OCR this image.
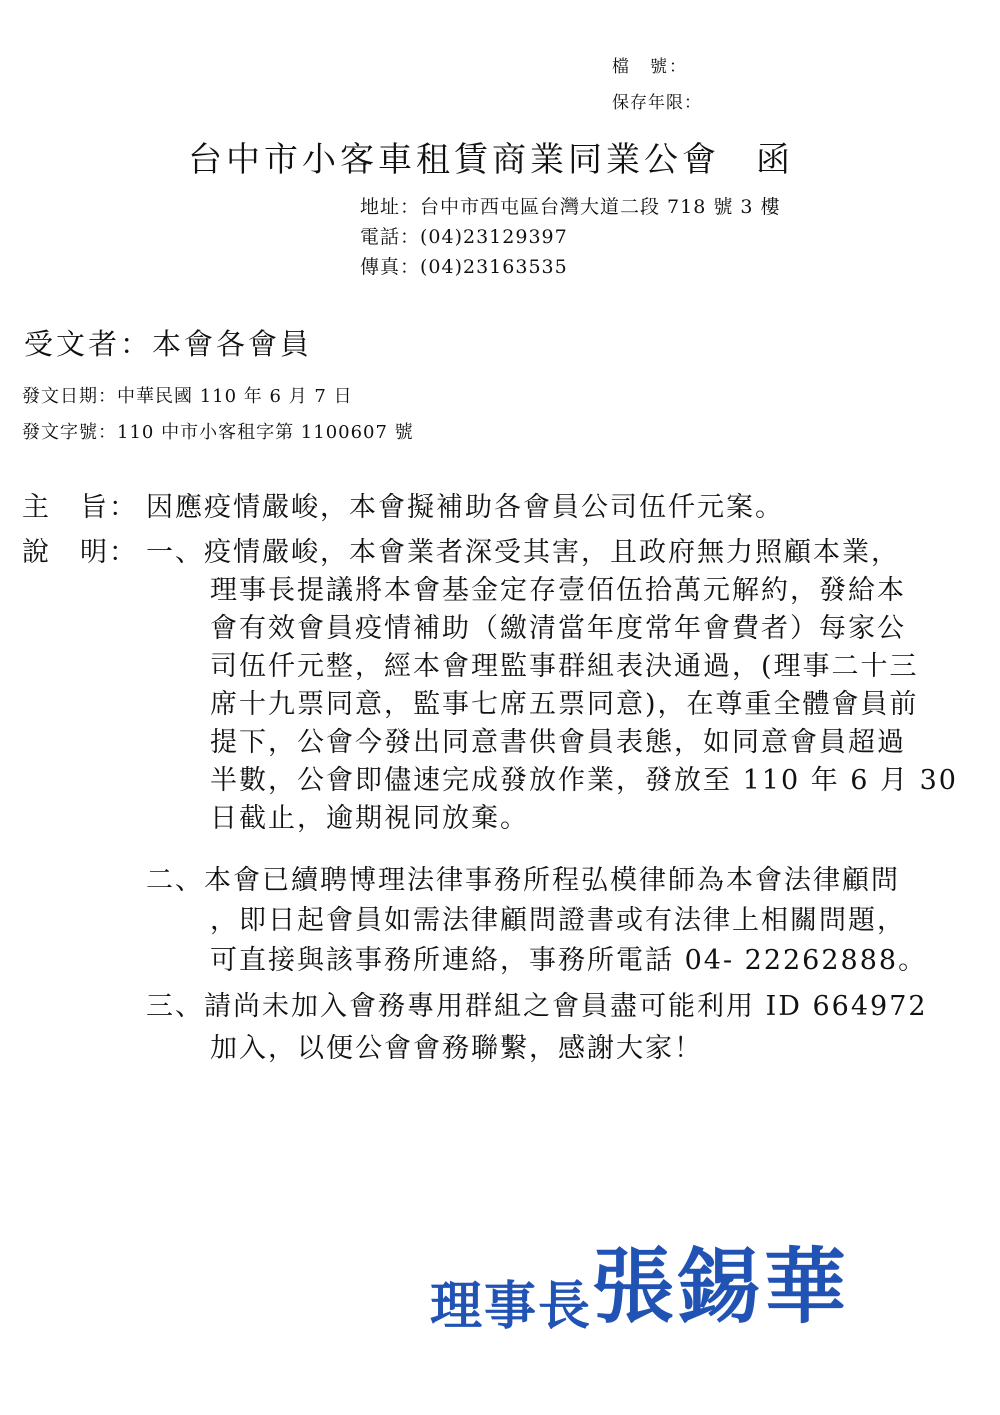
檔　號：
保存年限：
台中市小客車租賃商業同業公會 函
地址：台中市西屯區台灣大道二段 718 號 3 樓
電話：(04)23129397
傳真：(04)23163535
受文者：本會各會員
發文日期：中華民國 110 年 6 月 7 日
發文字號：110 中市小客租字第 1100607 號
主　旨： 因應疫情嚴峻，本會擬補助各會員公司伍仟元案。
說　明： 一、疫情嚴峻，本會業者深受其害，且政府無力照顧本業，
理事長提議將本會基金定存壹佰伍拾萬元解約，發給本
會有效會員疫情補助（繳清當年度常年會費者）每家公
司伍仟元整，經本會理監事群組表決通過，(理事二十三
席十九票同意，監事七席五票同意)，在尊重全體會員前
提下，公會今發出同意書供會員表態，如同意會員超過
半數，公會即儘速完成發放作業，發放至 110 年 6 月 30
日截止，逾期視同放棄。
二、本會已續聘博理法律事務所程弘模律師為本會法律顧問
，即日起會員如需法律顧問證書或有法律上相關問題，
可直接與該事務所連絡，事務所電話 04- 22262888。
三、請尚未加入會務專用群組之會員盡可能利用 ID 664972
加入，以便公會會務聯繫，感謝大家！
理事長張錫華
